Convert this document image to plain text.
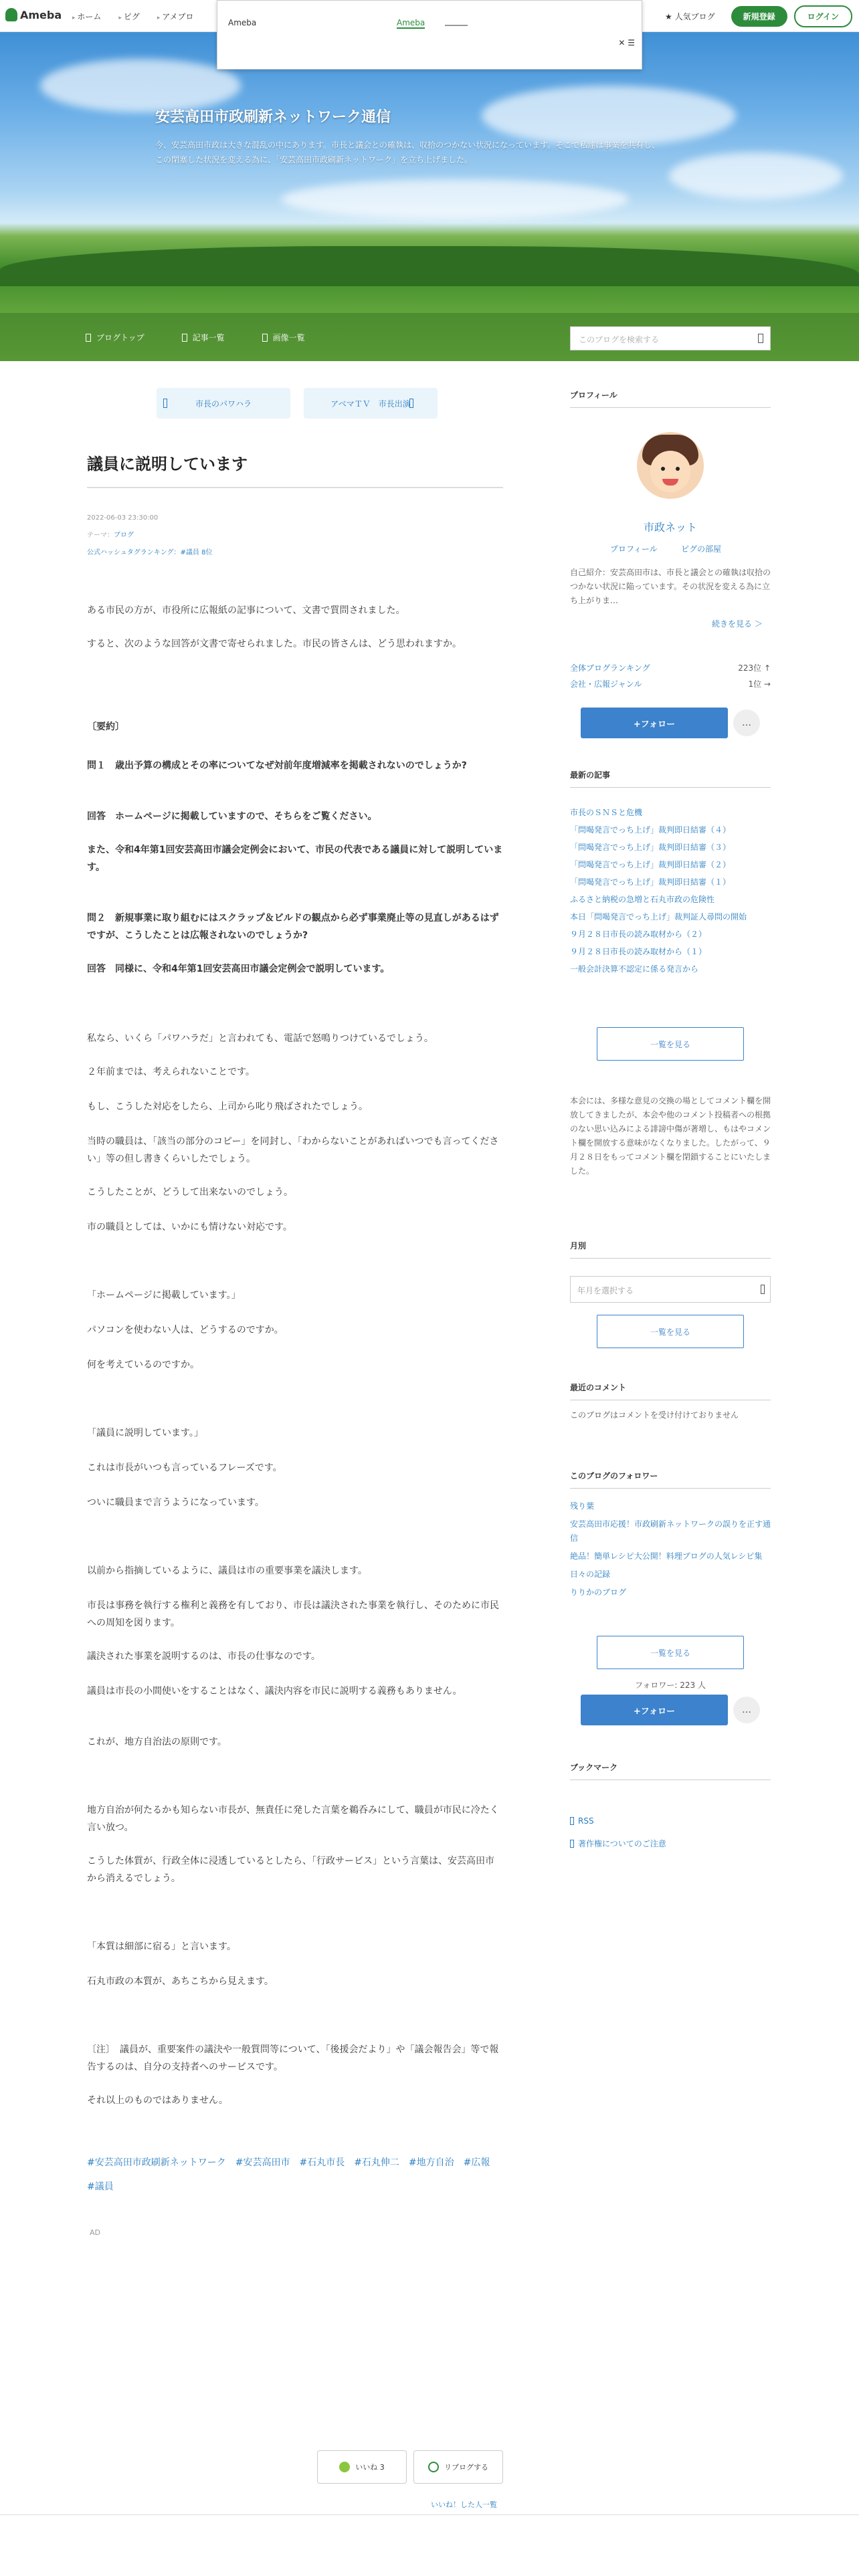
Ameba	▸ ホーム	▸ ピグ	▸ アメブロ	★ 人気ブログ	新規登録	ログイン
Ameba	Ameba
✕ ☰
安芸高田市政刷新ネットワーク通信
今、安芸高田市政は大きな混乱の中にあります。市長と議会との確執は、収拾のつかない状況になっています。そこで私達は事業を共有し、この閉塞した状況を変える為に、「安芸高田市政刷新ネットワーク」を立ち上げました。
ブログトップ	記事一覧	画像一覧	このブログを検索する
市長のパワハラ	アベマＴＶ　市長出演
議員に説明しています
2022-06-03 23:30:00
テーマ：ブログ
公式ハッシュタグランキング：#議員 8位

ある市民の方が、市役所に広報紙の記事について、文書で質問されました。

すると、次のような回答が文書で寄せられました。市民の皆さんは、どう思われますか。

〔要約〕

問１　歳出予算の構成とその率についてなぜ対前年度増減率を掲載されないのでしょうか?

回答　ホームページに掲載していますので、そちらをご覧ください。

また、令和4年第1回安芸高田市議会定例会において、市民の代表である議員に対して説明しています。

問２　新規事業に取り組むにはスクラップ＆ビルドの観点から必ず事業廃止等の見直しがあるはずですが、こうしたことは広報されないのでしょうか?

回答　同様に、令和4年第1回安芸高田市議会定例会で説明しています。

私なら、いくら「パワハラだ」と言われても、電話で怒鳴りつけているでしょう。

２年前までは、考えられないことです。

もし、こうした対応をしたら、上司から叱り飛ばされたでしょう。

当時の職員は、「該当の部分のコピー」を同封し、「わからないことがあればいつでも言ってください」等の但し書きくらいしたでしょう。

こうしたことが、どうして出来ないのでしょう。

市の職員としては、いかにも情けない対応です。

「ホームページに掲載しています。」

パソコンを使わない人は、どうするのですか。

何を考えているのですか。

「議員に説明しています。」

これは市長がいつも言っているフレーズです。

ついに職員まで言うようになっています。

以前から指摘しているように、議員は市の重要事業を議決します。

市長は事務を執行する権利と義務を有しており、市長は議決された事業を執行し、そのために市民への周知を図ります。

議決された事業を説明するのは、市長の仕事なのです。

議員は市長の小間使いをすることはなく、議決内容を市民に説明する義務もありません。

これが、地方自治法の原則です。

地方自治が何たるかも知らない市長が、無責任に発した言葉を鵜呑みにして、職員が市民に冷たく言い放つ。

こうした体質が、行政全体に浸透しているとしたら、「行政サービス」という言葉は、安芸高田市から消えるでしょう。

「本質は細部に宿る」と言います。

石丸市政の本質が、あちこちから見えます。

〔注〕　議員が、重要案件の議決や一般質問等について、「後援会だより」や「議会報告会」等で報告するのは、自分の支持者へのサービスです。

それ以上のものではありません。

#安芸高田市政刷新ネットワーク　#安芸高田市　#石丸市長　#石丸伸二　#地方自治　#広報　#議員
AD
いいね 3	リブログする
いいね！した人一覧
プロフィール
市政ネット
プロフィール	ピグの部屋
自己紹介：安芸高田市は、市長と議会との確執は収拾のつかない状況に陥っています。その状況を変える為に立ち上がりま…
続きを見る ＞
全体ブログランキング	223位 ↑
会社・広報ジャンル	1位 →
+フォロー	…
最新の記事
市長のＳＮＳと危機
「問喝発言でっち上げ」裁判即日結審（４）
「問喝発言でっち上げ」裁判即日結審（３）
「問喝発言でっち上げ」裁判即日結審（２）
「問喝発言でっち上げ」裁判即日結審（１）
ふるさと納税の急増と石丸市政の危険性
本日「問喝発言でっち上げ」裁判証人尋問の開始
９月２８日市長の読み取材から（２）
９月２８日市長の読み取材から（１）
一般会計決算不認定に係る発言から
一覧を見る
本会には、多様な意見の交換の場としてコメント欄を開放してきましたが、本会や他のコメント投稿者への根拠のない思い込みによる誹謗中傷が著増し、もはやコメント欄を開放する意味がなくなりました。したがって、９月２８日をもってコメント欄を閉鎖することにいたしました。
月別
年月を選択する
一覧を見る
最近のコメント
このブログはコメントを受け付けておりません
このブログのフォロワー
残り葉
安芸高田市応援！市政刷新ネットワークの誤りを正す通信
絶品！簡単レシピ大公開！料理ブログの人気レシピ集
日々の記録
りりかのブログ
一覧を見る
フォロワー: 223 人
+フォロー	…
ブックマーク
RSS
著作権についてのご注意
